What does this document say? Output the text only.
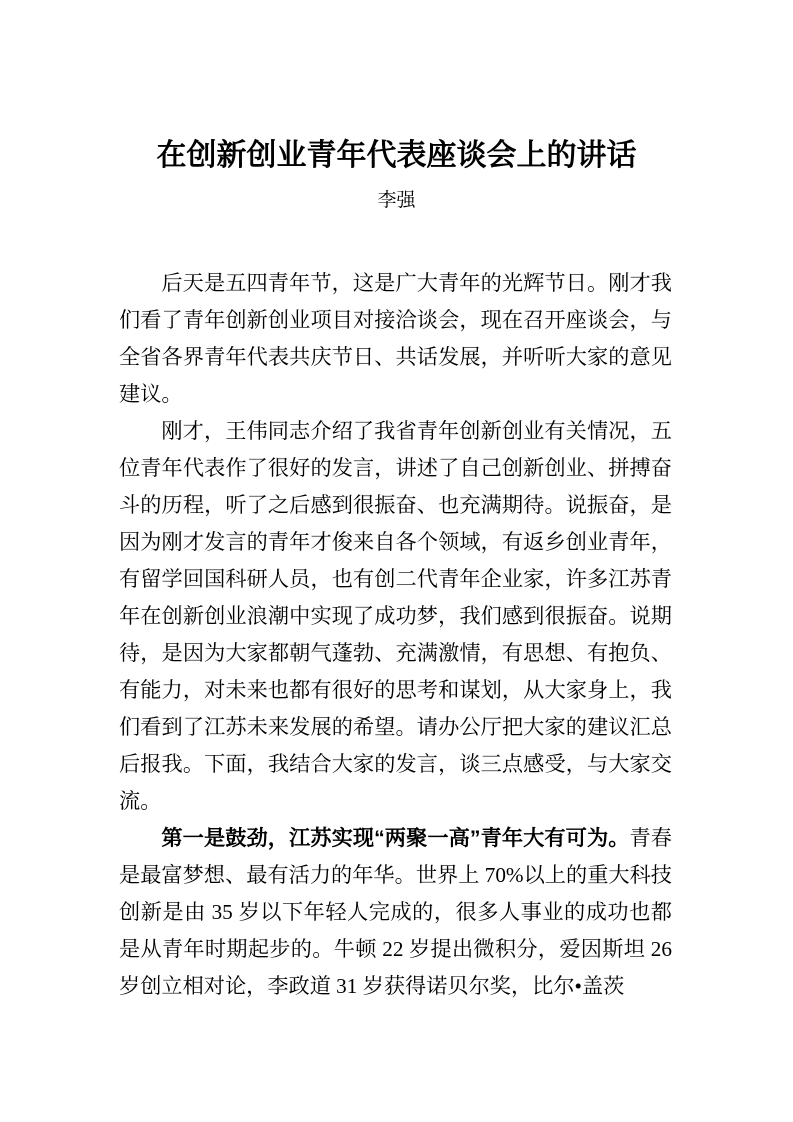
在创新创业青年代表座谈会上的讲话
李强

后天是五四青年节，这是广大青年的光辉节日。刚才我们看了青年创新创业项目对接洽谈会，现在召开座谈会，与全省各界青年代表共庆节日、共话发展，并听听大家的意见建议。

刚才，王伟同志介绍了我省青年创新创业有关情况，五位青年代表作了很好的发言，讲述了自己创新创业、拼搏奋斗的历程，听了之后感到很振奋、也充满期待。说振奋，是因为刚才发言的青年才俊来自各个领域，有返乡创业青年，有留学回国科研人员，也有创二代青年企业家，许多江苏青年在创新创业浪潮中实现了成功梦，我们感到很振奋。说期待，是因为大家都朝气蓬勃、充满激情，有思想、有抱负、有能力，对未来也都有很好的思考和谋划，从大家身上，我们看到了江苏未来发展的希望。请办公厅把大家的建议汇总后报我。下面，我结合大家的发言，谈三点感受，与大家交流。

第一是鼓劲，江苏实现“两聚一高”青年大有可为。青春是最富梦想、最有活力的年华。世界上 70%以上的重大科技创新是由 35 岁以下年轻人完成的，很多人事业的成功也都是从青年时期起步的。牛顿 22 岁提出微积分，爱因斯坦 26 岁创立相对论，李政道 31 岁获得诺贝尔奖，比尔•盖茨
